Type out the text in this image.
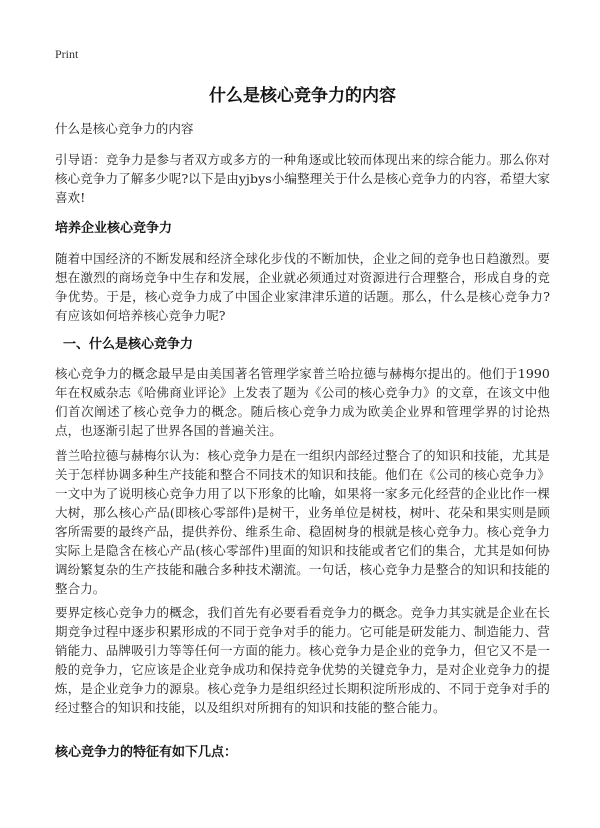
Print
什么是核心竞争力的内容
什么是核心竞争力的内容
引导语：竞争力是参与者双方或多方的一种角逐或比较而体现出来的综合能力。那么你对核心竞争力了解多少呢?以下是由yjbys小编整理关于什么是核心竞争力的内容，希望大家喜欢!
培养企业核心竞争力
随着中国经济的不断发展和经济全球化步伐的不断加快，企业之间的竞争也日趋激烈。要想在激烈的商场竞争中生存和发展，企业就必须通过对资源进行合理整合，形成自身的竞争优势。于是，核心竞争力成了中国企业家津津乐道的话题。那么，什么是核心竞争力?有应该如何培养核心竞争力呢?
一、什么是核心竞争力
核心竞争力的概念最早是由美国著名管理学家普兰哈拉德与赫梅尔提出的。他们于1990年在权威杂志《哈佛商业评论》上发表了题为《公司的核心竞争力》的文章，在该文中他们首次阐述了核心竞争力的概念。随后核心竞争力成为欧美企业界和管理学界的讨论热点，也逐渐引起了世界各国的普遍关注。
普兰哈拉德与赫梅尔认为：核心竞争力是在一组织内部经过整合了的知识和技能，尤其是关于怎样协调多种生产技能和整合不同技术的知识和技能。他们在《公司的核心竞争力》一文中为了说明核心竞争力用了以下形象的比喻，如果将一家多元化经营的企业比作一棵大树，那么核心产品(即核心零部件)是树干，业务单位是树枝，树叶、花朵和果实则是顾客所需要的最终产品，提供养份、维系生命、稳固树身的根就是核心竞争力。核心竞争力实际上是隐含在核心产品(核心零部件)里面的知识和技能或者它们的集合，尤其是如何协调纷繁复杂的生产技能和融合多种技术潮流。一句话，核心竞争力是整合的知识和技能的整合力。
要界定核心竞争力的概念，我们首先有必要看看竞争力的概念。竞争力其实就是企业在长期竞争过程中逐步积累形成的不同于竞争对手的能力。它可能是研发能力、制造能力、营销能力、品牌吸引力等等任何一方面的能力。核心竞争力是企业的竞争力，但它又不是一般的竞争力，它应该是企业竞争成功和保持竞争优势的关键竞争力，是对企业竞争力的提炼，是企业竞争力的源泉。核心竞争力是组织经过长期积淀所形成的、不同于竞争对手的经过整合的知识和技能，以及组织对所拥有的知识和技能的整合能力。
核心竞争力的特征有如下几点：
